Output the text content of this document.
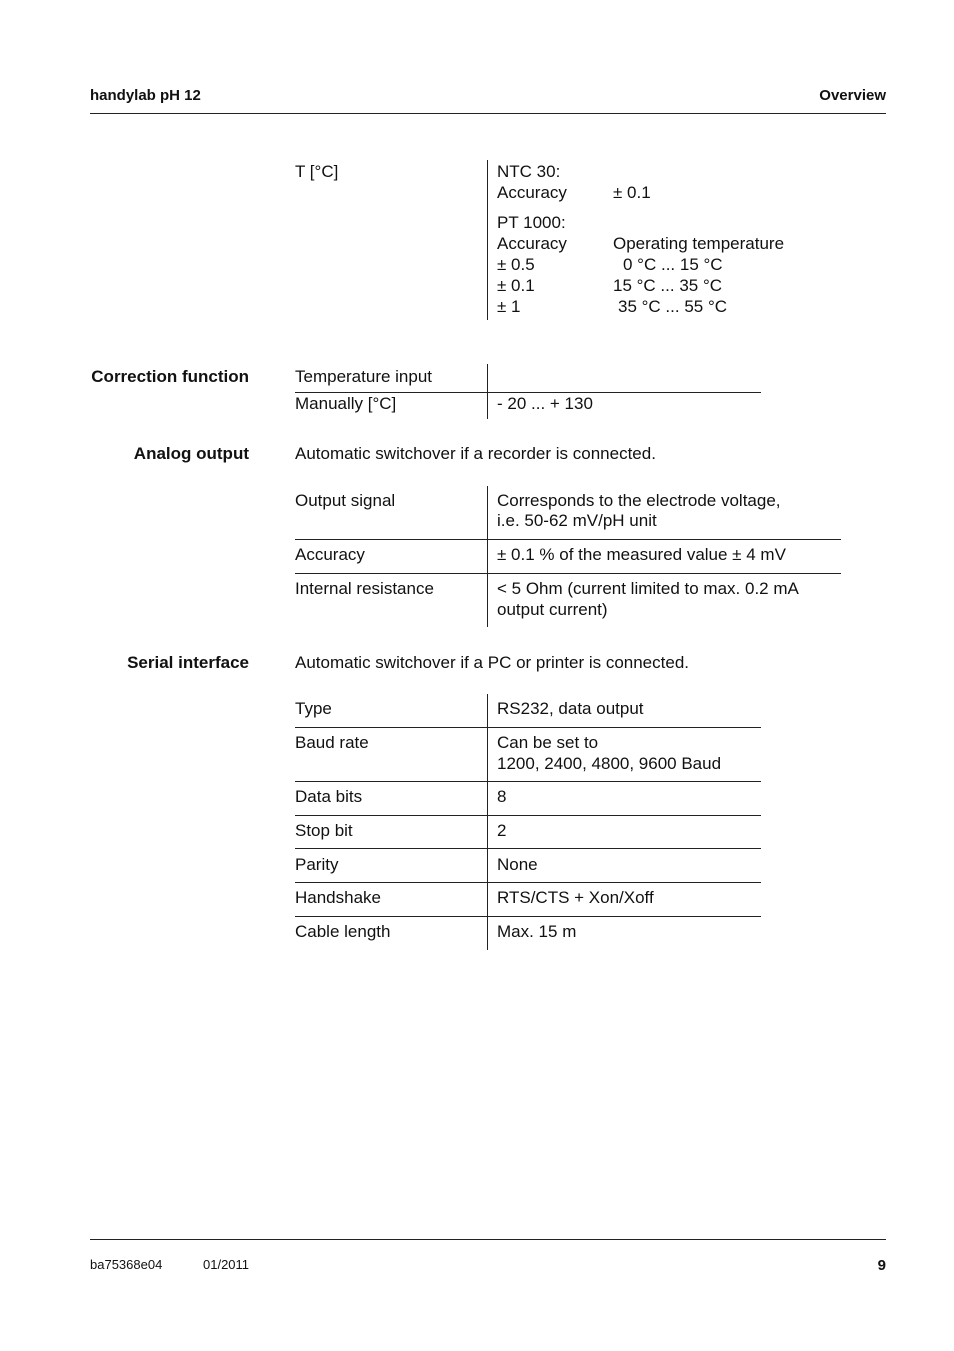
handylab pH 12	Overview
T [°C]	NTC 30:
Accuracy	± 0.1
PT 1000:
Accuracy	Operating temperature
± 0.5	0 °C ... 15 °C
± 0.1	15 °C ... 35 °C
± 1	35 °C ... 55 °C
Correction function	Temperature input
Manually [°C]	- 20 ... + 130
Analog output	Automatic switchover if a recorder is connected.
Output signal	Corresponds to the electrode voltage,
i.e. 50-62 mV/pH unit
Accuracy	± 0.1 % of the measured value ± 4 mV
Internal resistance	< 5 Ohm (current limited to max. 0.2 mA
output current)
Serial interface	Automatic switchover if a PC or printer is connected.
Type	RS232, data output
Baud rate	Can be set to
1200, 2400, 4800, 9600 Baud
Data bits	8
Stop bit	2
Parity	None
Handshake	RTS/CTS + Xon/Xoff
Cable length	Max. 15 m
ba75368e04	01/2011	9
